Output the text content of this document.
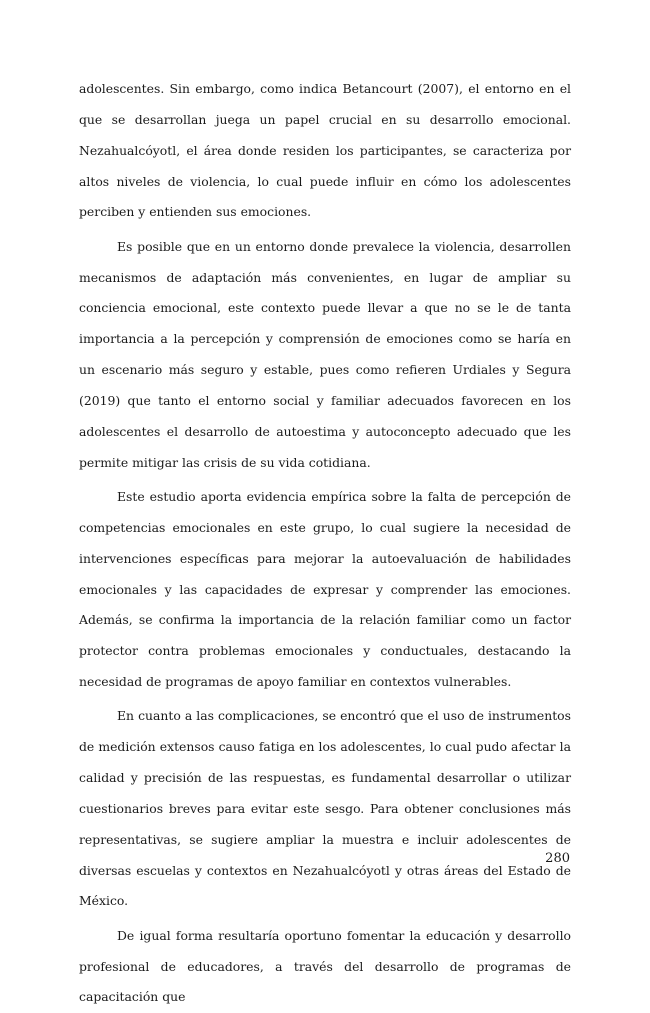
adolescentes. Sin embargo, como indica Betancourt (2007), el entorno en el que se desarrollan juega un papel crucial en su desarrollo emocional. Nezahualcóyotl, el área donde residen los participantes, se caracteriza por altos niveles de violencia, lo cual puede influir en cómo los adolescentes perciben y entienden sus emociones.

Es posible que en un entorno donde prevalece la violencia, desarrollen mecanismos de adaptación más convenientes, en lugar de ampliar su conciencia emocional, este contexto puede llevar a que no se le de tanta importancia a la percepción y comprensión de emociones como se haría en un escenario más seguro y estable, pues como refieren Urdiales y Segura (2019) que tanto el entorno social y familiar adecuados favorecen en los adolescentes el desarrollo de autoestima y autoconcepto adecuado que les permite mitigar las crisis de su vida cotidiana.

Este estudio aporta evidencia empírica sobre la falta de percepción de competencias emocionales en este grupo, lo cual sugiere la necesidad de intervenciones específicas para mejorar la autoevaluación de habilidades emocionales y las capacidades de expresar y comprender las emociones. Además, se confirma la importancia de la relación familiar como un factor protector contra problemas emocionales y conductuales, destacando la necesidad de programas de apoyo familiar en contextos vulnerables.

En cuanto a las complicaciones, se encontró que el uso de instrumentos de medición extensos causo fatiga en los adolescentes, lo cual pudo afectar la calidad y precisión de las respuestas, es fundamental desarrollar o utilizar cuestionarios breves para evitar este sesgo. Para obtener conclusiones más representativas, se sugiere ampliar la muestra e incluir adolescentes de diversas escuelas y contextos en Nezahualcóyotl y otras áreas del Estado de México.

De igual forma resultaría oportuno fomentar la educación y desarrollo profesional de educadores, a través del desarrollo de programas de capacitación que

280
